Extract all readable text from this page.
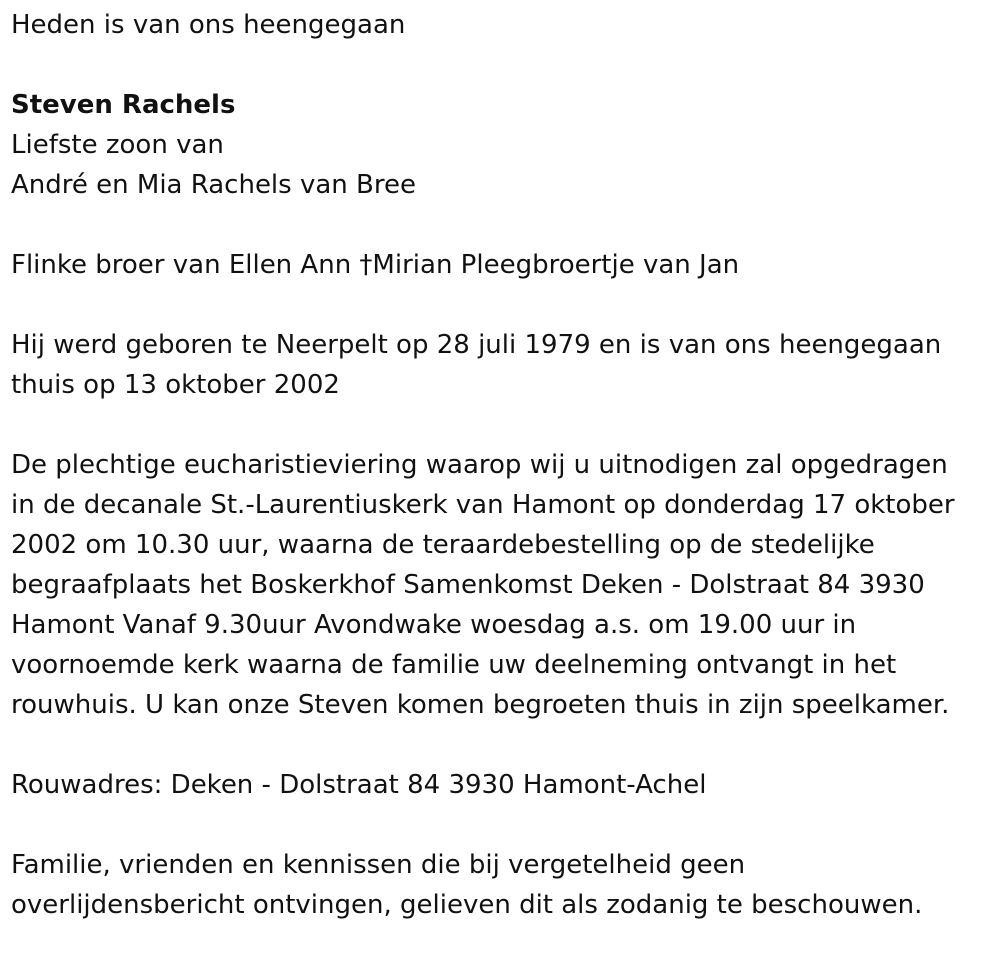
Heden is van ons heengegaan
Steven Rachels
Liefste zoon van
André en Mia Rachels van Bree
Flinke broer van Ellen Ann †Mirian Pleegbroertje van Jan
Hij werd geboren te Neerpelt op 28 juli 1979 en is van ons heengegaan
thuis op 13 oktober 2002
De plechtige eucharistieviering waarop wij u uitnodigen zal opgedragen
in de decanale St.-Laurentiuskerk van Hamont op donderdag 17 oktober
2002 om 10.30 uur, waarna de teraardebestelling op de stedelijke
begraafplaats het Boskerkhof Samenkomst Deken - Dolstraat 84 3930
Hamont Vanaf 9.30uur Avondwake woesdag a.s. om 19.00 uur in
voornoemde kerk waarna de familie uw deelneming ontvangt in het
rouwhuis. U kan onze Steven komen begroeten thuis in zijn speelkamer.
Rouwadres: Deken - Dolstraat 84 3930 Hamont-Achel
Familie, vrienden en kennissen die bij vergetelheid geen
overlijdensbericht ontvingen, gelieven dit als zodanig te beschouwen.
